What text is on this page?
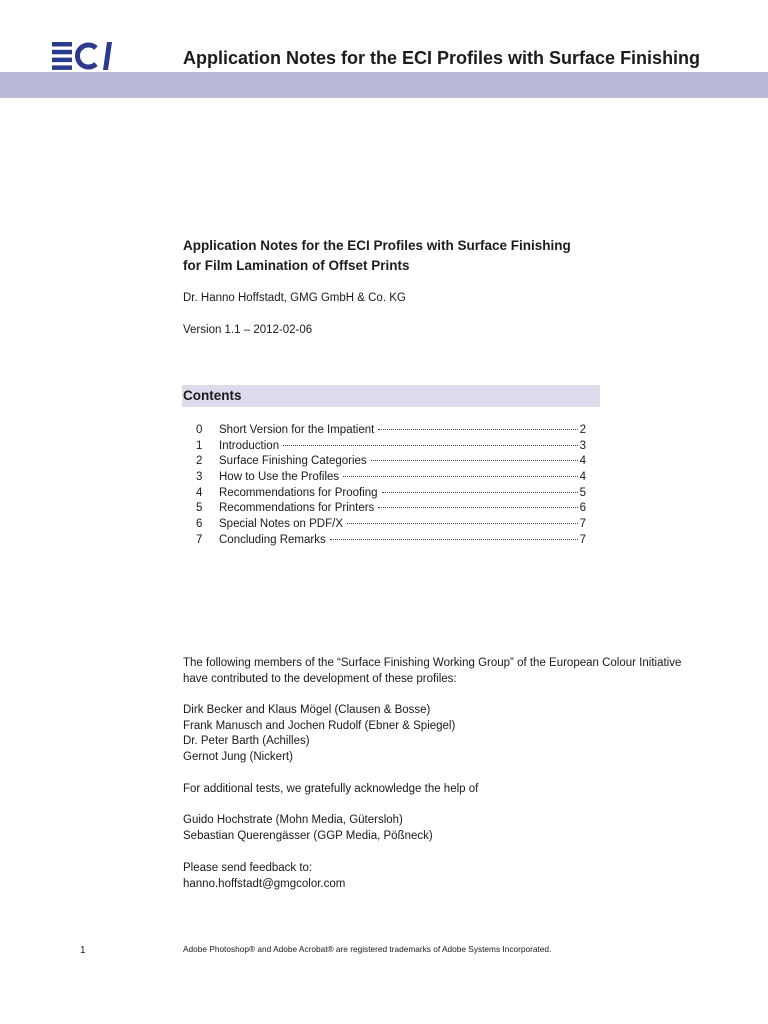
Application Notes for the ECI Profiles with Surface Finishing
Application Notes for the ECI Profiles with Surface Finishing
for Film Lamination of Offset Prints
Dr. Hanno Hoffstadt, GMG GmbH & Co. KG
Version 1.1 – 2012-02-06
Contents
0	Short Version for the Impatient	2
1	Introduction	3
2	Surface Finishing Categories	4
3	How to Use the Profiles	4
4	Recommendations for Proofing	5
5	Recommendations for Printers	6
6	Special Notes on PDF/X	7
7	Concluding Remarks	7
The following members of the “Surface Finishing Working Group” of the European Colour Initiative
have contributed to the development of these profiles:
Dirk Becker and Klaus Mögel (Clausen & Bosse)
Frank Manusch and Jochen Rudolf (Ebner & Spiegel)
Dr. Peter Barth (Achilles)
Gernot Jung (Nickert)
For additional tests, we gratefully acknowledge the help of
Guido Hochstrate (Mohn Media, Gütersloh)
Sebastian Querengässer (GGP Media, Pößneck)
Please send feedback to:
hanno.hoffstadt@gmgcolor.com
1	Adobe Photoshop® and Adobe Acrobat® are registered trademarks of Adobe Systems Incorporated.
